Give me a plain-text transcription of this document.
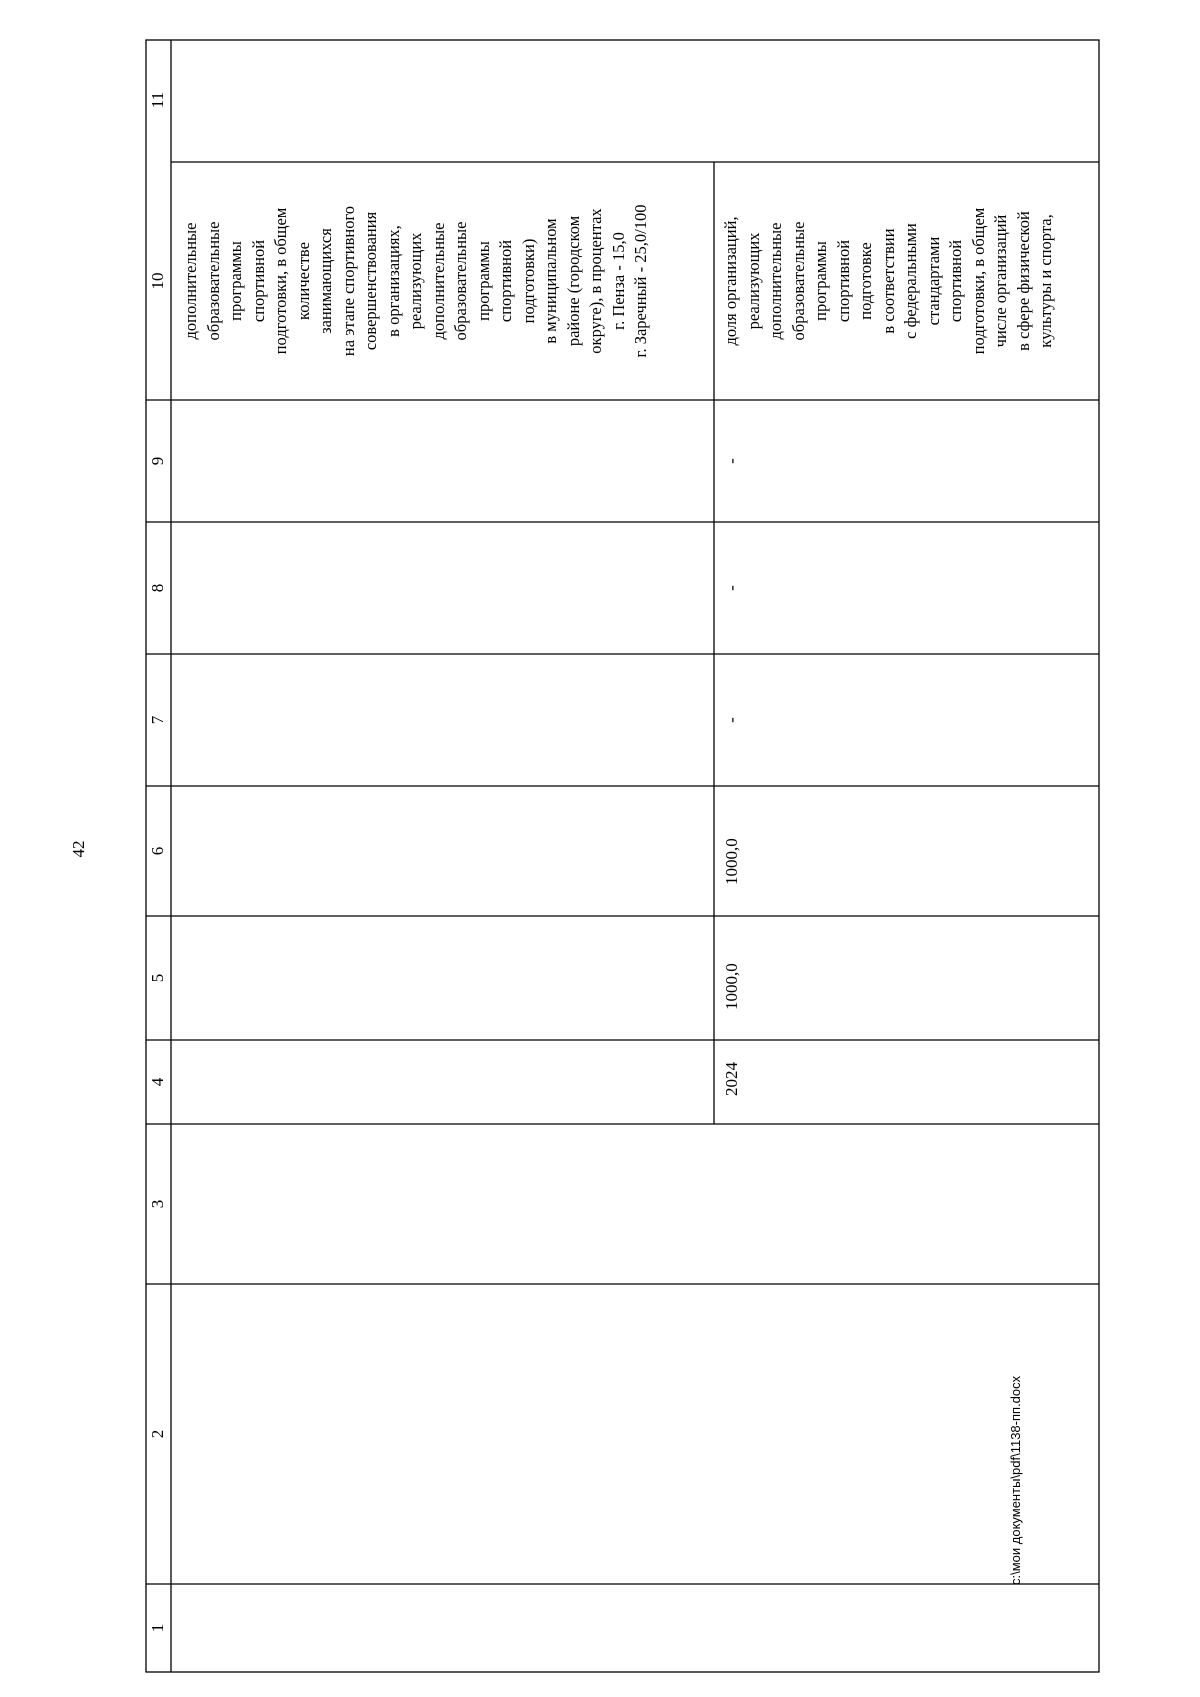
42
11
10
9
8
7
6
5
4
3
2
1
дополнительные образовательные программы спортивной подготовки, в общем количестве занимающихся на этапе спортивного совершенствования в организациях, реализующих дополнительные образовательные программы спортивной подготовки) в муниципальном районе (городском округе), в процентах г. Пенза - 15,0 г. Заречный - 25,0/100	доля организаций, реализующих дополнительные образовательные программы спортивной подготовке в соответствии с федеральными стандартами спортивной подготовки, в общем числе организаций в сфере физической культуры и спорта,
-
-
-
1000,0
1000,0
2024
c:\мои документы\pdf\1138-пп.docx
